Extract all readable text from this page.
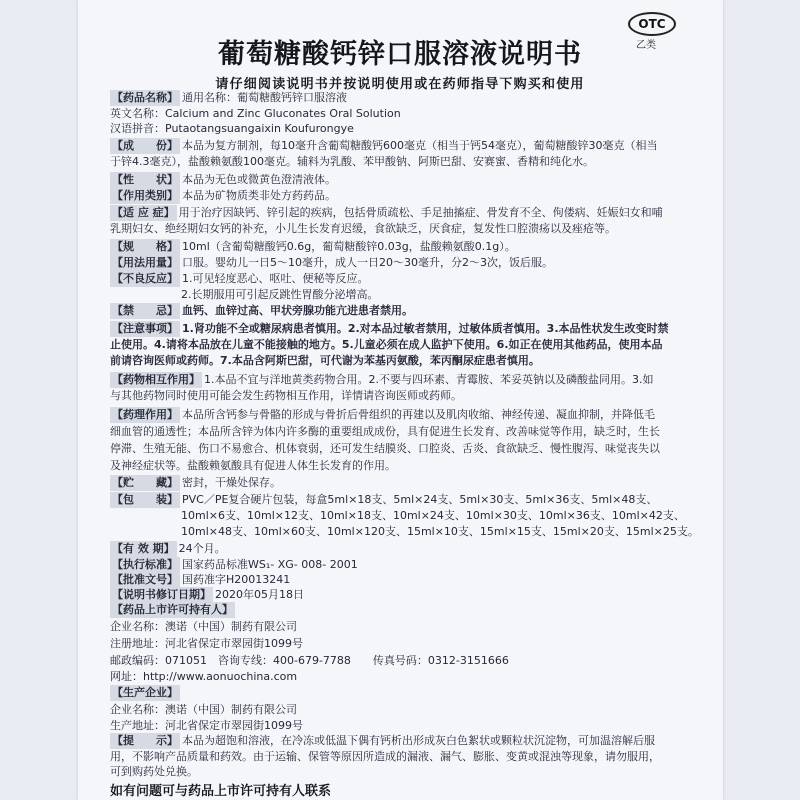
OTC
乙类
葡萄糖酸钙锌口服溶液说明书
请仔细阅读说明书并按说明使用或在药师指导下购买和使用
【 药品名称 】 通用名称：葡萄糖酸钙锌口服溶液
英文名称：Calcium and Zinc Gluconates Oral Solution
汉语拼音：Putaotangsuangaixin Koufurongye
【 成　　份 】 本品为复方制剂，每10毫升含葡萄糖酸钙600毫克（相当于钙54毫克），葡萄糖酸锌30毫克（相当
于锌4.3毫克），盐酸赖氨酸100毫克。辅料为乳酸、苯甲酸钠、阿斯巴甜、安赛蜜、香精和纯化水。
【 性　　状 】 本品为无色或微黄色澄清液体。
【 作用类别 】 本品为矿物质类非处方药药品。
【 适 应 症 】 用于治疗因缺钙、锌引起的疾病，包括骨质疏松、手足抽搐症、骨发育不全、佝偻病、妊娠妇女和哺
乳期妇女、绝经期妇女钙的补充，小儿生长发育迟缓，食欲缺乏，厌食症，复发性口腔溃疡以及痤疮等。
【 规　　格 】 10ml（含葡萄糖酸钙0.6g，葡萄糖酸锌0.03g，盐酸赖氨酸0.1g）。
【 用法用量 】 口服。婴幼儿一日5～10毫升，成人一日20～30毫升，分2～3次，饭后服。
【 不良反应 】 1.可见轻度恶心、呕吐、便秘等反应。
2.长期服用可引起反跳性胃酸分泌增高。
【 禁　　忌 】 血钙、血锌过高、甲状旁腺功能亢进患者禁用。
【 注意事项 】 1.肾功能不全或糖尿病患者慎用。2.对本品过敏者禁用，过敏体质者慎用。3.本品性状发生改变时禁
止使用。4.请将本品放在儿童不能接触的地方。5.儿童必须在成人监护下使用。6.如正在使用其他药品，使用本品
前请咨询医师或药师。7.本品含阿斯巴甜，可代谢为苯基丙氨酸，苯丙酮尿症患者慎用。
【 药物相互作用 】 1.本品不宜与洋地黄类药物合用。2.不要与四环素、青霉胺、苯妥英钠以及磷酸盐同用。3.如
与其他药物同时使用可能会发生药物相互作用，详情请咨询医师或药师。
【 药理作用 】 本品所含钙参与骨骼的形成与骨折后骨组织的再建以及肌肉收缩、神经传递、凝血抑制，并降低毛
细血管的通透性；本品所含锌为体内许多酶的重要组成成份，具有促进生长发育、改善味觉等作用，缺乏时，生长
停滞、生殖无能、伤口不易愈合、机体衰弱，还可发生结膜炎、口腔炎、舌炎、食欲缺乏、慢性腹泻、味觉丧失以
及神经症状等。盐酸赖氨酸具有促进人体生长发育的作用。
【 贮　　藏 】 密封，干燥处保存。
【 包　　装 】 PVC／PE复合硬片包装，每盒5ml×18支、5ml×24支、5ml×30支、5ml×36支、5ml×48支、
10ml×6支、10ml×12支、10ml×18支、10ml×24支、10ml×30支、10ml×36支、10ml×42支、
10ml×48支、10ml×60支、10ml×120支、15ml×10支、15ml×15支、15ml×20支、15ml×25支。
【 有 效 期 】 24个月。
【 执行标准 】 国家药品标准WS₁- XG- 008- 2001
【 批准文号 】 国药准字H20013241
【 说明书修订日期 】 2020年05月18日
【 药品上市许可持有人 】
企业名称：澳诺（中国）制药有限公司
注册地址：河北省保定市翠园街1099号
邮政编码：071051　咨询专线：400-679-7788　　传真号码：0312-3151666
网址：http://www.aonuochina.com
【 生产企业 】
企业名称：澳诺（中国）制药有限公司
生产地址：河北省保定市翠园街1099号
如有问题可与药品上市许可持有人联系
【 提　　示 】 本品为超饱和溶液，在冷冻或低温下偶有钙析出形成灰白色絮状或颗粒状沉淀物，可加温溶解后服
用，不影响产品质量和药效。由于运输、保管等原因所造成的漏液、漏气、膨胀、变黄或混浊等现象，请勿服用，
可到购药处兑换。
